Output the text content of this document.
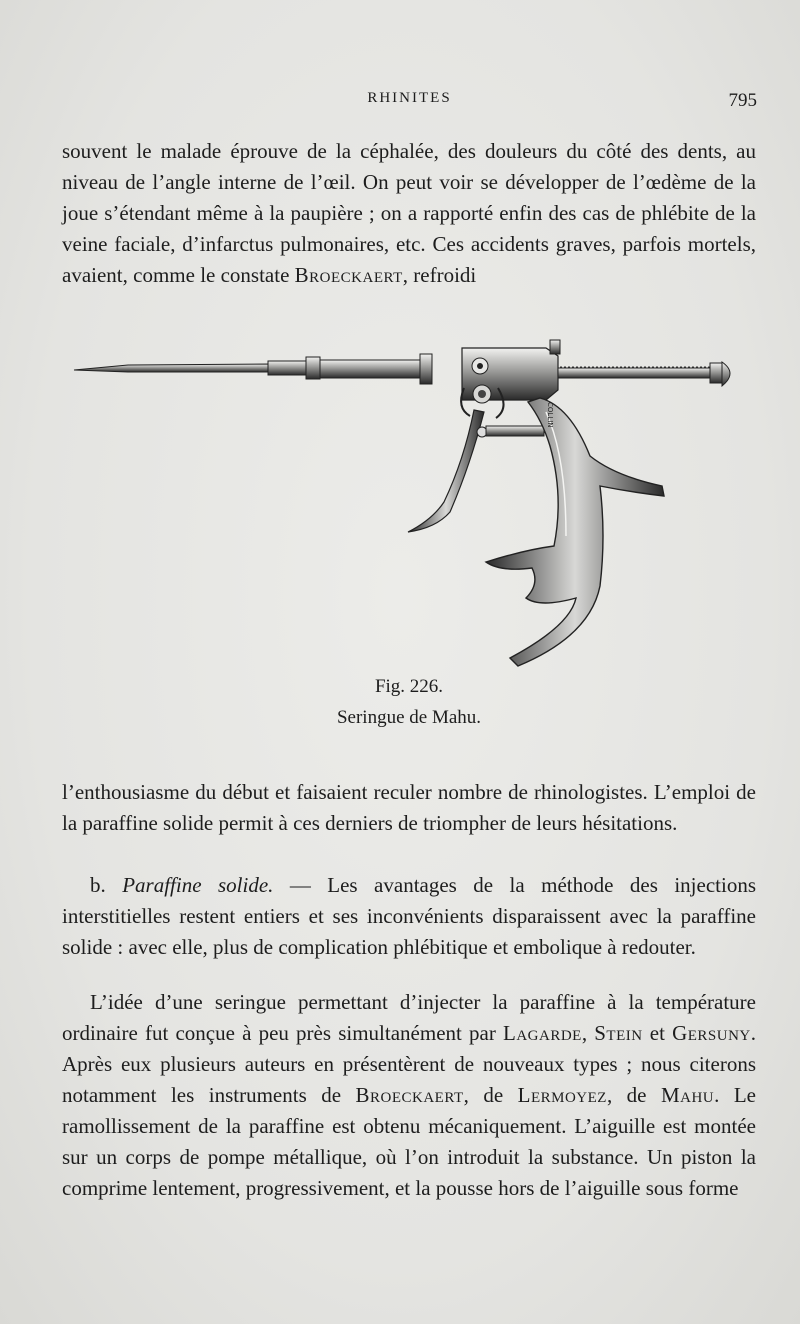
RHINITES	795

souvent le malade éprouve de la céphalée, des douleurs du côté des dents, au niveau de l’angle interne de l’œil. On peut voir se développer de l’œdème de la joue s’étendant même à la paupière ; on a rapporté enfin des cas de phlébite de la veine faciale, d’infarctus pulmonaires, etc. Ces accidents graves, parfois mortels, avaient, comme le constate Broeckaert, refroidi

COLLIN

Fig. 226.

Seringue de Mahu.

l’enthousiasme du début et faisaient reculer nombre de rhinologistes. L’emploi de la paraffine solide permit à ces derniers de triompher de leurs hésitations.

b. Paraffine solide. — Les avantages de la méthode des injections interstitielles restent entiers et ses inconvénients disparaissent avec la paraffine solide : avec elle, plus de complication phlébitique et embolique à redouter.

L’idée d’une seringue permettant d’injecter la paraffine à la température ordinaire fut conçue à peu près simultanément par Lagarde, Stein et Gersuny. Après eux plusieurs auteurs en présentèrent de nouveaux types ; nous citerons notamment les instruments de Broeckaert, de Lermoyez, de Mahu. Le ramollissement de la paraffine est obtenu mécaniquement. L’aiguille est montée sur un corps de pompe métallique, où l’on introduit la substance. Un piston la comprime lentement, progressivement, et la pousse hors de l’aiguille sous forme
